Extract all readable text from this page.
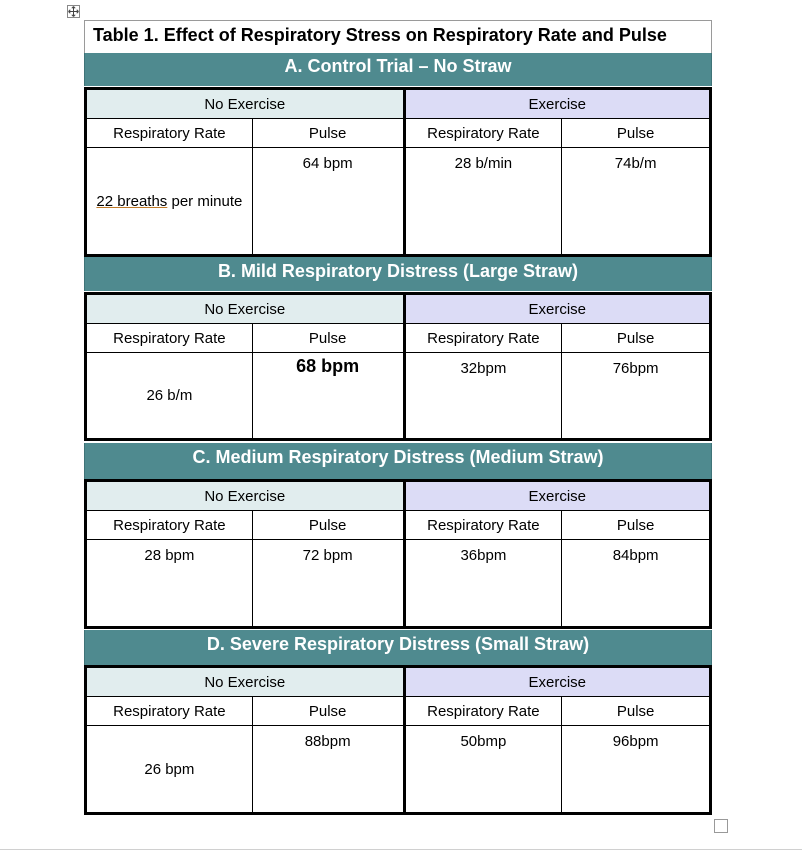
Table 1. Effect of Respiratory Stress on Respiratory Rate and Pulse
A. Control Trial – No Straw
No Exercise		Exercise	
Respiratory Rate	Pulse	Respiratory Rate	Pulse
22 breaths per minute	64 bpm	28 b/min	74b/m
B. Mild Respiratory Distress (Large Straw)
No Exercise		Exercise	
Respiratory Rate	Pulse	Respiratory Rate	Pulse
26 b/m	68 bpm	32bpm	76bpm
C. Medium Respiratory Distress (Medium Straw)
No Exercise		Exercise	
Respiratory Rate	Pulse	Respiratory Rate	Pulse
28 bpm	72 bpm	36bpm	84bpm
D. Severe Respiratory Distress (Small Straw)
No Exercise		Exercise	
Respiratory Rate	Pulse	Respiratory Rate	Pulse
26 bpm	88bpm	50bmp	96bpm
